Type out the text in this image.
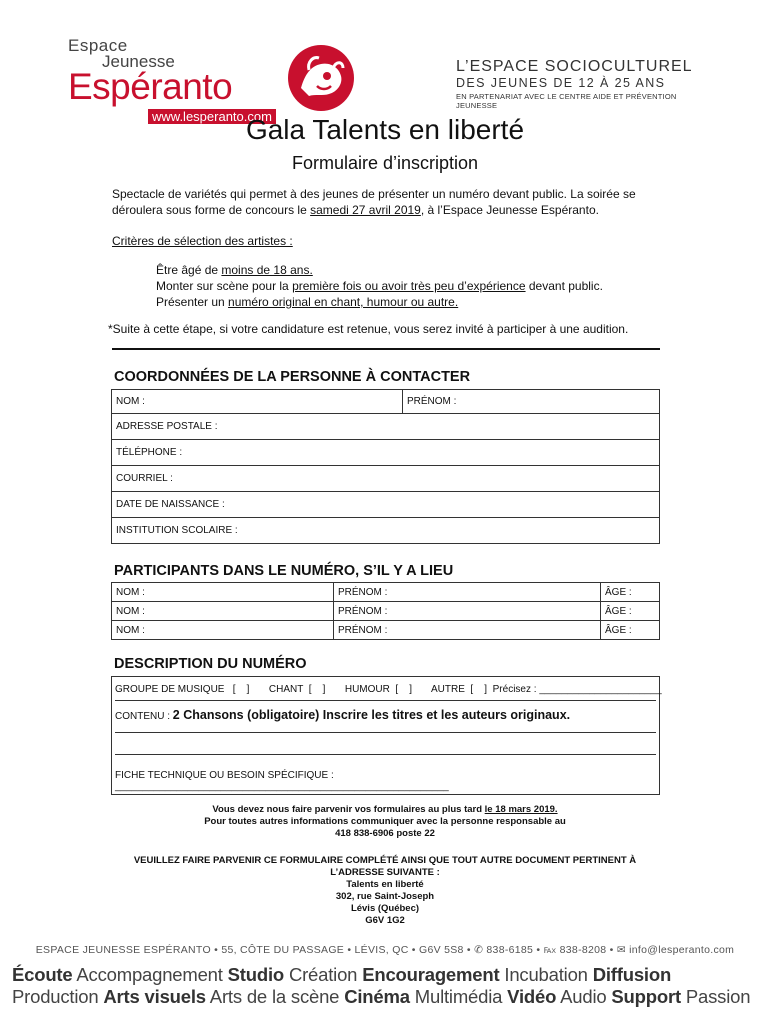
Espace
Jeunesse
Espéranto
www.lesperanto.com
L’ESPACE SOCIOCULTUREL
DES JEUNES DE 12 À 25 ANS
EN PARTENARIAT AVEC LE CENTRE AIDE ET PRÉVENTION JEUNESSE
Gala Talents en liberté
Formulaire d’inscription
Spectacle de variétés qui permet à des jeunes de présenter un numéro devant public. La soirée se déroulera sous forme de concours le samedi 27 avril 2019, à l’Espace Jeunesse Espéranto.
Critères de sélection des artistes :
Être âgé de moins de 18 ans.
Monter sur scène pour la première fois ou avoir très peu d’expérience devant public.
Présenter un numéro original en chant, humour ou autre.
*Suite à cette étape, si votre candidature est retenue, vous serez invité à participer à une audition.
COORDONNÉES DE LA PERSONNE À CONTACTER
NOM :	PRÉNOM :
ADRESSE POSTALE :
TÉLÉPHONE :
COURRIEL :
DATE DE NAISSANCE :
INSTITUTION SCOLAIRE :
PARTICIPANTS DANS LE NUMÉRO, S’IL Y A LIEU
NOM :	PRÉNOM :	ÂGE :
NOM :	PRÉNOM :	ÂGE :
NOM :	PRÉNOM :	ÂGE :
DESCRIPTION DU NUMÉRO
GROUPE DE MUSIQUE   [    ]       CHANT  [    ]       HUMOUR  [    ]       AUTRE  [    ]  Précisez : ______________________
CONTENU : 2 Chansons (obligatoire) Inscrire les titres et les auteurs originaux.
FICHE TECHNIQUE OU BESOIN SPÉCIFIQUE : ____________________________________________________________
Vous devez nous faire parvenir vos formulaires au plus tard le 18 mars 2019.
Pour toutes autres informations communiquer avec la personne responsable au
418 838-6906 poste 22
VEUILLEZ FAIRE PARVENIR CE FORMULAIRE COMPLÉTÉ AINSI QUE TOUT AUTRE DOCUMENT PERTINENT À
L’ADRESSE SUIVANTE :
Talents en liberté
302, rue Saint-Joseph
Lévis (Québec)
G6V 1G2
ESPACE JEUNESSE ESPÉRANTO • 55, CÔTE DU PASSAGE • LÉVIS, QC • G6V 5S8 • ✆ 838-6185 • ℻ 838-8208 • ✉ info@lesperanto.com
Écoute Accompagnement Studio Création Encouragement Incubation Diffusion
Production Arts visuels Arts de la scène Cinéma Multimédia Vidéo Audio Support Passion
